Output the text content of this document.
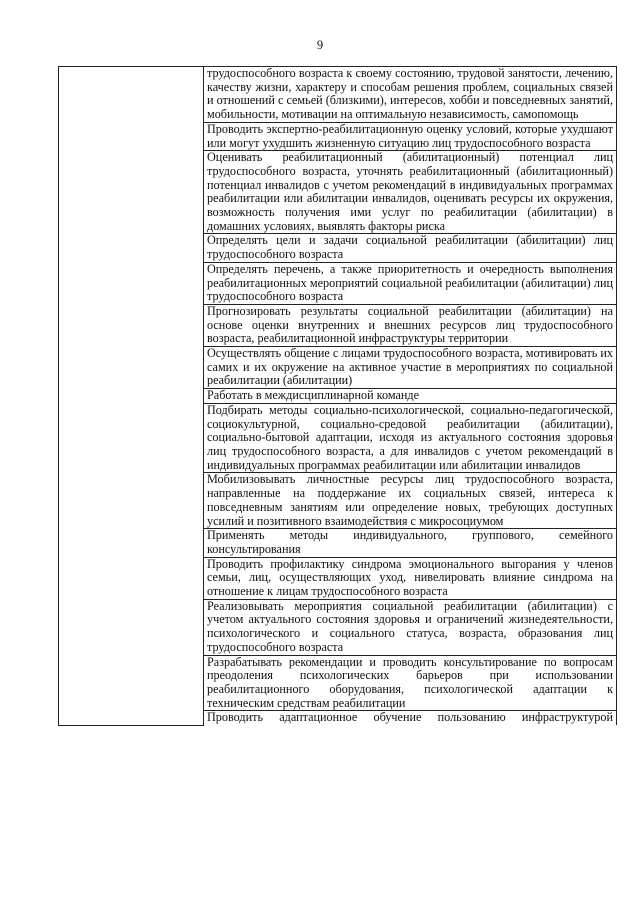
9
	трудоспособного возраста к своему состоянию, трудовой занятости, лечению, качеству жизни, характеру и способам решения проблем, социальных связей и отношений с семьей (близкими), интересов, хобби и повседневных занятий, мобильности, мотивации на оптимальную независимость, самопомощь
Проводить экспертно-реабилитационную оценку условий, которые ухудшают или могут ухудшить жизненную ситуацию лиц трудоспособного возраста
Оценивать реабилитационный (абилитационный) потенциал лиц трудоспособного возраста, уточнять реабилитационный (абилитационный) потенциал инвалидов с учетом рекомендаций в индивидуальных программах реабилитации или абилитации инвалидов, оценивать ресурсы их окружения, возможность получения ими услуг по реабилитации (абилитации) в домашних условиях, выявлять факторы риска
Определять цели и задачи социальной реабилитации (абилитации) лиц трудоспособного возраста
Определять перечень, а также приоритетность и очередность выполнения реабилитационных мероприятий социальной реабилитации (абилитации) лиц трудоспособного возраста
Прогнозировать результаты социальной реабилитации (абилитации) на основе оценки внутренних и внешних ресурсов лиц трудоспособного возраста, реабилитационной инфраструктуры территории
Осуществлять общение с лицами трудоспособного возраста, мотивировать их самих и их окружение на активное участие в мероприятиях по социальной реабилитации (абилитации)
Работать в междисциплинарной команде
Подбирать методы социально-психологической, социально-педагогической, социокультурной, социально-средовой реабилитации (абилитации), социально-бытовой адаптации, исходя из актуального состояния здоровья лиц трудоспособного возраста, а для инвалидов с учетом рекомендаций в индивидуальных программах реабилитации или абилитации инвалидов
Мобилизовывать личностные ресурсы лиц трудоспособного возраста, направленные на поддержание их социальных связей, интереса к повседневным занятиям или определение новых, требующих доступных усилий и позитивного взаимодействия с микросоциумом
Применять методы индивидуального, группового, семейного консультирования
Проводить профилактику синдрома эмоционального выгорания у членов семьи, лиц, осуществляющих уход, нивелировать влияние синдрома на отношение к лицам трудоспособного возраста
Реализовывать мероприятия социальной реабилитации (абилитации) с учетом актуального состояния здоровья и ограничений жизнедеятельности, психологического и социального статуса, возраста, образования лиц трудоспособного возраста
Разрабатывать рекомендации и проводить консультирование по вопросам преодоления психологических барьеров при использовании реабилитационного оборудования, психологической адаптации к техническим средствам реабилитации
Проводить адаптационное обучение пользованию инфраструктурой
